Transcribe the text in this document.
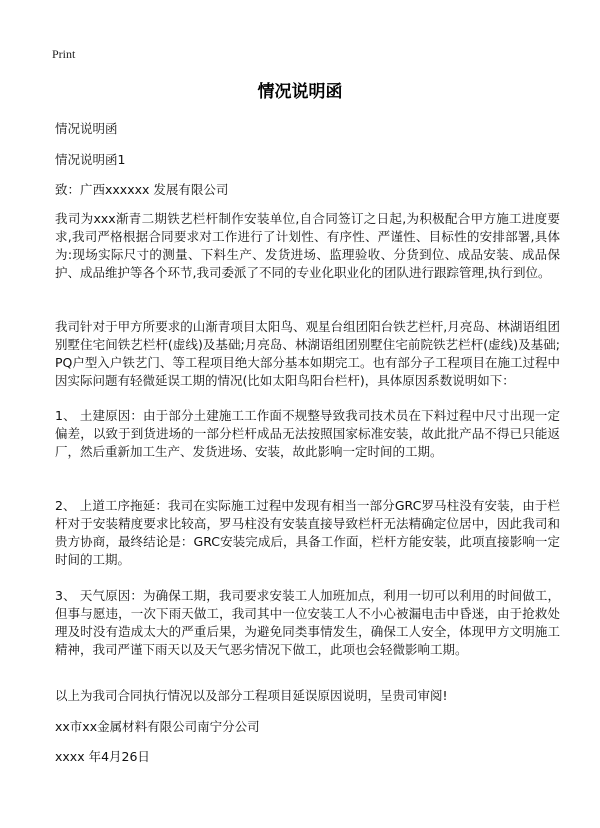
Print
情况说明函
情况说明函
情况说明函1
致：广西xxxxxx 发展有限公司
我司为xxx渐青二期铁艺栏杆制作安装单位,自合同签订之日起,为积极配合甲方施工进度要求,我司严格根据合同要求对工作进行了计划性、有序性、严谨性、目标性的安排部署,具体为:现场实际尺寸的测量、下料生产、发货进场、监理验收、分货到位、成品安装、成品保护、成品维护等各个环节,我司委派了不同的专业化职业化的团队进行跟踪管理,执行到位。
我司针对于甲方所要求的山渐青项目太阳鸟、观星台组团阳台铁艺栏杆,月亮岛、林湖语组团别墅住宅间铁艺栏杆(虚线)及基础;月亮岛、林湖语组团别墅住宅前院铁艺栏杆(虚线)及基础;PQ户型入户铁艺门、等工程项目绝大部分基本如期完工。也有部分子工程项目在施工过程中因实际问题有轻微延误工期的情况(比如太阳鸟阳台栏杆)，具体原因系数说明如下：
1、 土建原因：由于部分土建施工工作面不规整导致我司技术员在下料过程中尺寸出现一定偏差，以致于到货进场的一部分栏杆成品无法按照国家标准安装，故此批产品不得已只能返厂，然后重新加工生产、发货进场、安装，故此影响一定时间的工期。
2、 上道工序拖延：我司在实际施工过程中发现有相当一部分GRC罗马柱没有安装，由于栏杆对于安装精度要求比较高，罗马柱没有安装直接导致栏杆无法精确定位居中，因此我司和贵方协商，最终结论是：GRC安装完成后，具备工作面，栏杆方能安装，此项直接影响一定时间的工期。
3、 天气原因：为确保工期，我司要求安装工人加班加点，利用一切可以利用的时间做工，但事与愿违，一次下雨天做工，我司其中一位安装工人不小心被漏电击中昏迷，由于抢救处理及时没有造成太大的严重后果，为避免同类事情发生，确保工人安全，体现甲方文明施工精神，我司严谨下雨天以及天气恶劣情况下做工，此项也会轻微影响工期。
以上为我司合同执行情况以及部分工程项目延误原因说明，呈贵司审阅!
xx市xx金属材料有限公司南宁分公司
xxxx 年4月26日
